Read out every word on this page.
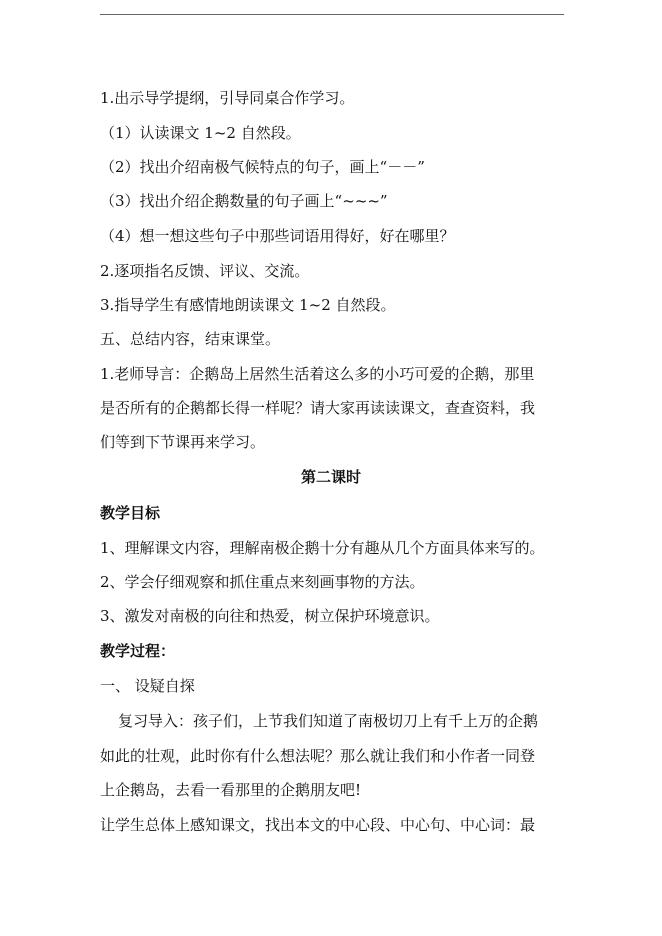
1.出示导学提纲，引导同桌合作学习。
（1）认读课文 1~2 自然段。
（2）找出介绍南极气候特点的句子，画上“－－”
（3）找出介绍企鹅数量的句子画上“~~~”
（4）想一想这些句子中那些词语用得好，好在哪里？
2.逐项指名反馈、评议、交流。
3.指导学生有感情地朗读课文 1~2 自然段。
五、总结内容，结束课堂。
1.老师导言：企鹅岛上居然生活着这么多的小巧可爱的企鹅，那里
是否所有的企鹅都长得一样呢？请大家再读读课文，查查资料，我
们等到下节课再来学习。
第二课时
教学目标
1、理解课文内容，理解南极企鹅十分有趣从几个方面具体来写的。
2、学会仔细观察和抓住重点来刻画事物的方法。
3、激发对南极的向往和热爱，树立保护环境意识。
教学过程：
一、 设疑自探
复习导入：孩子们，上节我们知道了南极切刀上有千上万的企鹅
如此的壮观，此时你有什么想法呢？那么就让我们和小作者一同登
上企鹅岛，去看一看那里的企鹅朋友吧!
让学生总体上感知课文，找出本文的中心段、中心句、中心词：最
